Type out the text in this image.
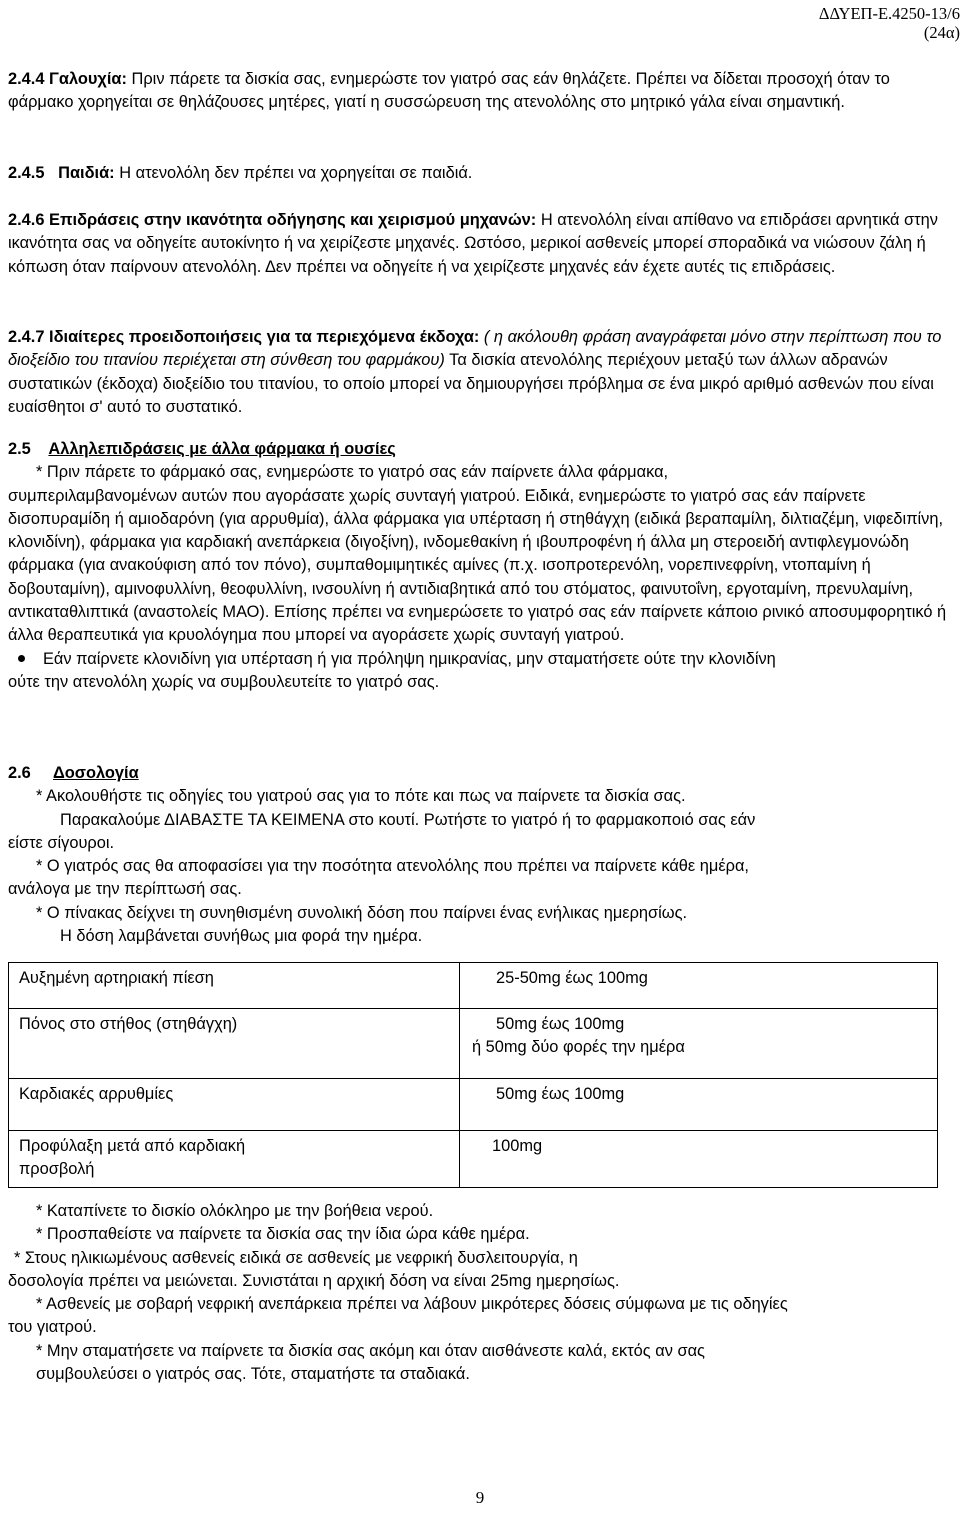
ΔΔΥΕΠ-Ε.4250-13/6
(24α)

2.4.4 Γαλουχία: Πριν πάρετε τα δισκία σας, ενημερώστε τον γιατρό σας εάν θηλάζετε. Πρέπει να δίδεται προσοχή όταν το φάρμακο χορηγείται σε θηλάζουσες μητέρες, γιατί η συσσώρευση της ατενολόλης στο μητρικό γάλα είναι σημαντική.

2.4.5 Παιδιά: Η ατενολόλη δεν πρέπει να χορηγείται σε παιδιά.

2.4.6 Επιδράσεις στην ικανότητα οδήγησης και χειρισμού μηχανών: Η ατενολόλη είναι απίθανο να επιδράσει αρνητικά στην ικανότητα σας να οδηγείτε αυτοκίνητο ή να χειρίζεστε μηχανές. Ωστόσο, μερικοί ασθενείς μπορεί σποραδικά να νιώσουν ζάλη ή κόπωση όταν παίρνουν ατενολόλη. Δεν πρέπει να οδηγείτε ή να χειρίζεστε μηχανές εάν έχετε αυτές τις επιδράσεις.

2.4.7 Ιδιαίτερες προειδοποιήσεις για τα περιεχόμενα έκδοχα: ( η ακόλουθη φράση αναγράφεται μόνο στην περίπτωση που το διοξείδιο του τιτανίου περιέχεται στη σύνθεση του φαρμάκου) Τα δισκία ατενολόλης περιέχουν μεταξύ των άλλων αδρανών συστατικών (έκδοχα) διοξείδιο του τιτανίου, το οποίο μπορεί να δημιουργήσει πρόβλημα σε ένα μικρό αριθμό ασθενών που είναι ευαίσθητοι σ' αυτό το συστατικό.

2.5 Αλληλεπιδράσεις με άλλα φάρμακα ή ουσίες

* Πριν πάρετε το φάρμακό σας, ενημερώστε το γιατρό σας εάν παίρνετε άλλα φάρμακα,

συμπεριλαμβανομένων αυτών που αγοράσατε χωρίς συνταγή γιατρού. Ειδικά, ενημερώστε το γιατρό σας εάν παίρνετε δισοπυραμίδη ή αμιοδαρόνη (για αρρυθμία), άλλα φάρμακα για υπέρταση ή στηθάγχη (ειδικά βεραπαμίλη, διλτιαζέμη, νιφεδιπίνη, κλονιδίνη), φάρμακα για καρδιακή ανεπάρκεια (διγοξίνη), ινδομεθακίνη ή ιβουπροφένη ή άλλα μη στεροειδή αντιφλεγμονώδη φάρμακα (για ανακούφιση από τον πόνο), συμπαθομιμητικές αμίνες (π.χ. ισοπροτερενόλη, νορεπινεφρίνη, ντοπαμίνη ή δοβουταμίνη), αμινοφυλλίνη, θεοφυλλίνη, ινσουλίνη ή αντιδιαβητικά από του στόματος, φαινυτοΐνη, εργοταμίνη, πρενυλαμίνη, αντικαταθλιπτικά (αναστολείς ΜΑΟ). Επίσης πρέπει να ενημερώσετε το γιατρό σας εάν παίρνετε κάποιο ρινικό αποσυμφορητικό ή άλλα θεραπευτικά για κρυολόγημα που μπορεί να αγοράσετε χωρίς συνταγή γιατρού.

Εάν παίρνετε κλονιδίνη για υπέρταση ή για πρόληψη ημικρανίας, μην σταματήσετε ούτε την κλονιδίνη

ούτε την ατενολόλη χωρίς να συμβουλευτείτε το γιατρό σας.

2.6 Δοσολογία

* Ακολουθήστε τις οδηγίες του γιατρού σας για το πότε και πως να παίρνετε τα δισκία σας.

Παρακαλούμε ΔΙΑΒΑΣΤΕ ΤΑ ΚΕΙΜΕΝΑ στο κουτί. Ρωτήστε το γιατρό ή το φαρμακοποιό σας εάν

είστε σίγουροι.

* Ο γιατρός σας θα αποφασίσει για την ποσότητα ατενολόλης που πρέπει να παίρνετε κάθε ημέρα,

ανάλογα με την περίπτωσή σας.

* Ο πίνακας δείχνει τη συνηθισμένη συνολική δόση που παίρνει ένας ενήλικας ημερησίως.

Η δόση λαμβάνεται συνήθως μια φορά την ημέρα.

Αυξημένη αρτηριακή πίεση	25-50mg έως 100mg

Πόνος στο στήθος (στηθάγχη)	50mg έως 100mg
ή 50mg δύο φορές την ημέρα

Καρδιακές αρρυθμίες	50mg έως 100mg

Προφύλαξη μετά από καρδιακή προσβολή	100mg

* Καταπίνετε το δισκίο ολόκληρο με την βοήθεια νερού.

* Προσπαθείστε να παίρνετε τα δισκία σας την ίδια ώρα κάθε ημέρα.

* Στους ηλικιωμένους ασθενείς ειδικά σε ασθενείς με νεφρική δυσλειτουργία, η

δοσολογία πρέπει να μειώνεται. Συνιστάται η αρχική δόση να είναι 25mg ημερησίως.

* Ασθενείς με σοβαρή νεφρική ανεπάρκεια πρέπει να λάβουν μικρότερες δόσεις σύμφωνα με τις οδηγίες

του γιατρού.

* Μην σταματήσετε να παίρνετε τα δισκία σας ακόμη και όταν αισθάνεστε καλά, εκτός αν σας

συμβουλεύσει ο γιατρός σας. Τότε, σταματήστε τα σταδιακά.

9
